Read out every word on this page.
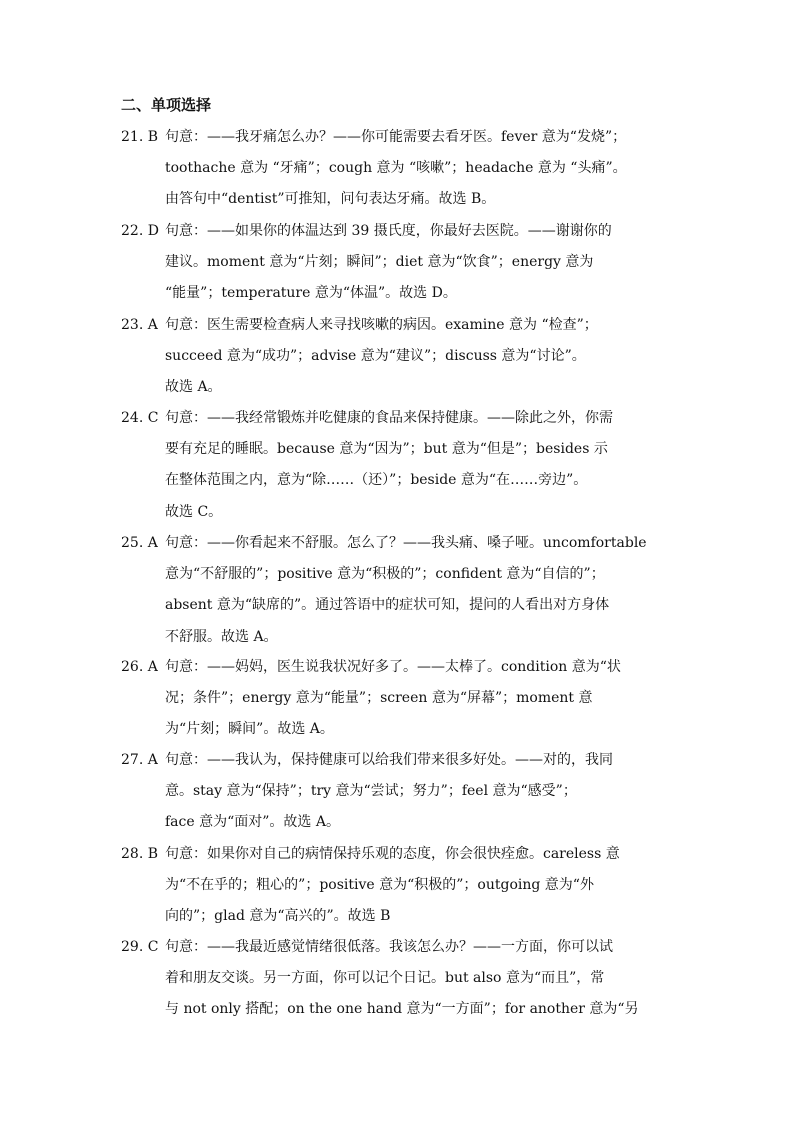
二、单项选择
21. B 句意：——我牙痛怎么办？——你可能需要去看牙医。fever 意为“发烧”；
toothache 意为 “牙痛”；cough 意为 “咳嗽”；headache 意为 “头痛”。
由答句中“dentist”可推知，问句表达牙痛。故选 B。
22. D 句意：——如果你的体温达到 39 摄氏度，你最好去医院。——谢谢你的
建议。moment 意为“片刻；瞬间”；diet 意为“饮食”；energy 意为
“能量”；temperature 意为“体温”。故选 D。
23. A 句意：医生需要检查病人来寻找咳嗽的病因。examine 意为 “检查”；
succeed 意为“成功”；advise 意为“建议”；discuss 意为“讨论”。
故选 A。
24. C 句意：——我经常锻炼并吃健康的食品来保持健康。——除此之外，你需
要有充足的睡眠。because 意为“因为”；but 意为“但是”；besides 示
在整体范围之内，意为“除……（还）”；beside 意为“在……旁边”。
故选 C。
25. A 句意：——你看起来不舒服。怎么了？——我头痛、嗓子哑。uncomfortable
意为“不舒服的”；positive 意为“积极的”；confident 意为“自信的”；
absent 意为“缺席的”。通过答语中的症状可知，提问的人看出对方身体
不舒服。故选 A。
26. A 句意：——妈妈，医生说我状况好多了。——太棒了。condition 意为“状
况；条件”；energy 意为“能量”；screen 意为“屏幕”；moment 意
为“片刻；瞬间”。故选 A。
27. A 句意：——我认为，保持健康可以给我们带来很多好处。——对的，我同
意。stay 意为“保持”；try 意为“尝试；努力”；feel 意为“感受”；
face 意为“面对”。故选 A。
28. B 句意：如果你对自己的病情保持乐观的态度，你会很快痊愈。careless 意
为“不在乎的；粗心的”；positive 意为“积极的”；outgoing 意为“外
向的”；glad 意为“高兴的”。故选 B
29. C 句意：——我最近感觉情绪很低落。我该怎么办？——一方面，你可以试
着和朋友交谈。另一方面，你可以记个日记。but also 意为“而且”，常
与 not only 搭配；on the one hand 意为“一方面”；for another 意为“另
